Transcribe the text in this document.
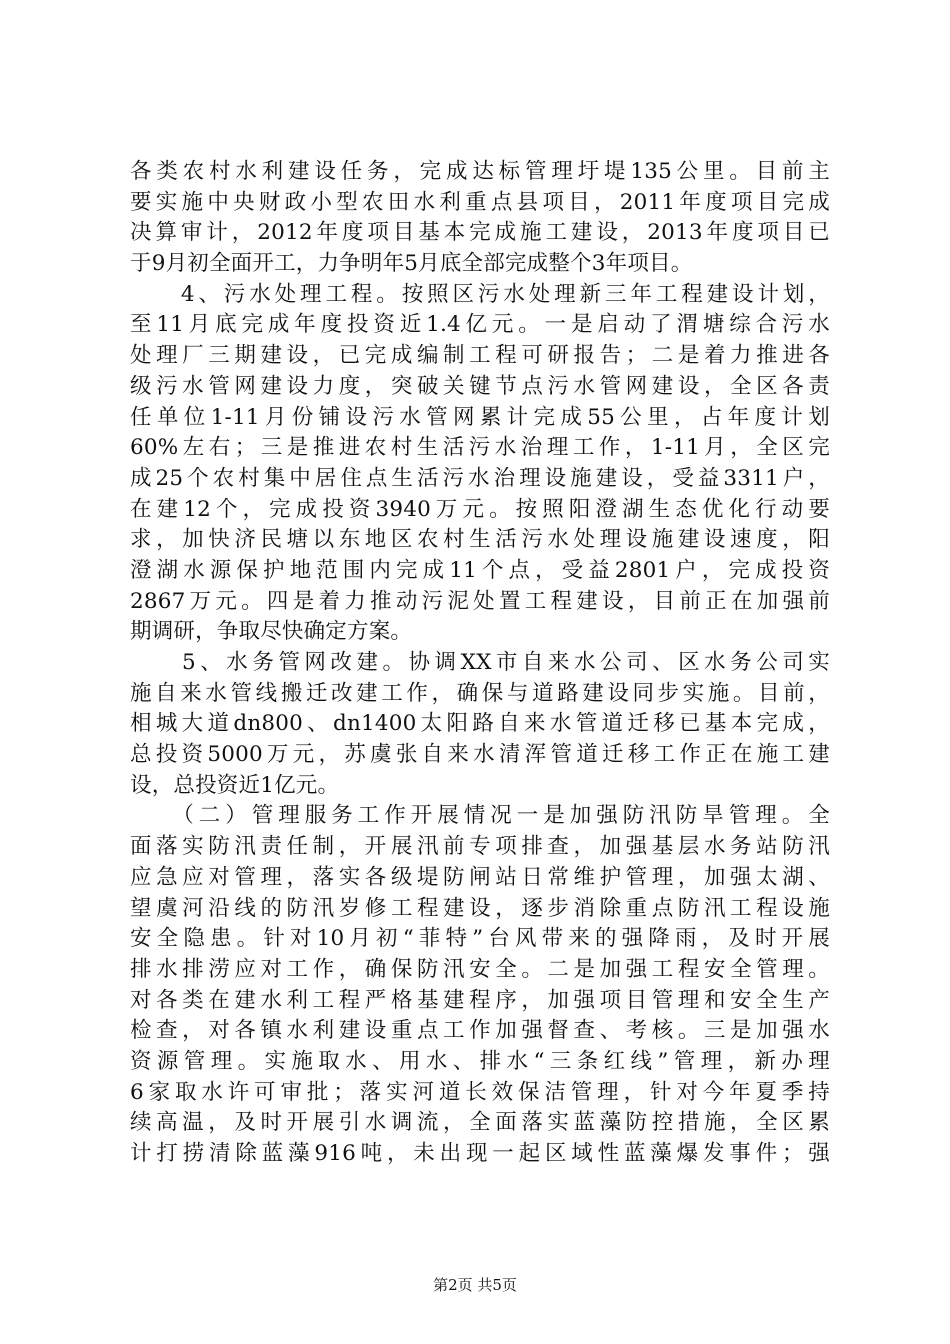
各类农村水利建设任务，完成达标管理圩堤135公里。目前主
要实施中央财政小型农田水利重点县项目，2011年度项目完成
决算审计，2012年度项目基本完成施工建设，2013年度项目已
于9月初全面开工，力争明年5月底全部完成整个3年项目。
　　4、污水处理工程。按照区污水处理新三年工程建设计划，
至11月底完成年度投资近1.4亿元。一是启动了渭塘综合污水
处理厂三期建设，已完成编制工程可研报告；二是着力推进各
级污水管网建设力度，突破关键节点污水管网建设，全区各责
任单位1-11月份铺设污水管网累计完成55公里，占年度计划
60%左右；三是推进农村生活污水治理工作，1-11月，全区完
成25个农村集中居住点生活污水治理设施建设，受益3311户，
在建12个，完成投资3940万元。按照阳澄湖生态优化行动要
求，加快济民塘以东地区农村生活污水处理设施建设速度，阳
澄湖水源保护地范围内完成11个点，受益2801户，完成投资
2867万元。四是着力推动污泥处置工程建设，目前正在加强前
期调研，争取尽快确定方案。
　　5、水务管网改建。协调XX市自来水公司、区水务公司实
施自来水管线搬迁改建工作，确保与道路建设同步实施。目前，
相城大道dn800、dn1400太阳路自来水管道迁移已基本完成，
总投资5000万元，苏虞张自来水清浑管道迁移工作正在施工建
设，总投资近1亿元。
　　（二）管理服务工作开展情况一是加强防汛防旱管理。全
面落实防汛责任制，开展汛前专项排查，加强基层水务站防汛
应急应对管理，落实各级堤防闸站日常维护管理，加强太湖、
望虞河沿线的防汛岁修工程建设，逐步消除重点防汛工程设施
安全隐患。针对10月初“菲特”台风带来的强降雨，及时开展
排水排涝应对工作，确保防汛安全。二是加强工程安全管理。
对各类在建水利工程严格基建程序，加强项目管理和安全生产
检查，对各镇水利建设重点工作加强督查、考核。三是加强水
资源管理。实施取水、用水、排水“三条红线”管理，新办理
6家取水许可审批；落实河道长效保洁管理，针对今年夏季持
续高温，及时开展引水调流，全面落实蓝藻防控措施，全区累
计打捞清除蓝藻916吨，未出现一起区域性蓝藻爆发事件；强
第2页 共5页
